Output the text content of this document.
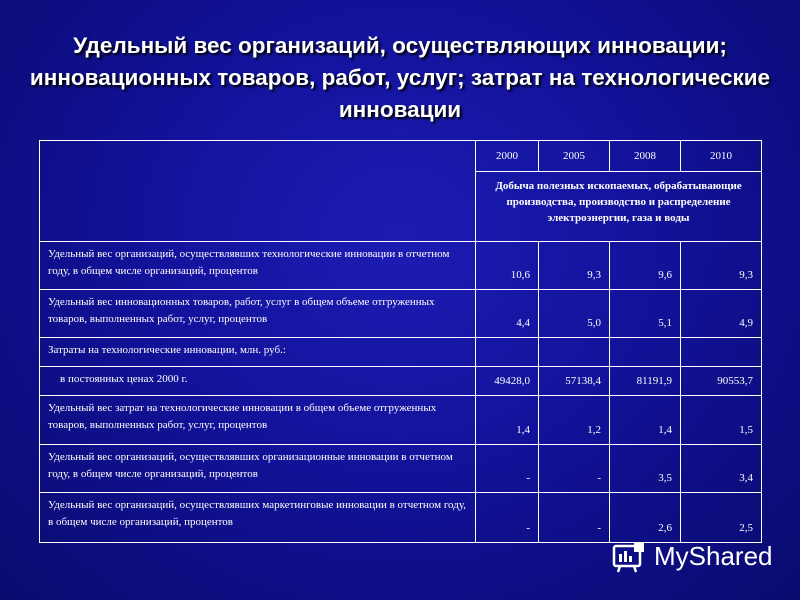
Удельный вес организаций, осуществляющих инновации; инновационных товаров, работ, услуг; затрат на технологические инновации
	2000	2005	2008	2010
	Добыча полезных ископаемых, обрабатывающие производства, производство и распределение электроэнергии, газа и воды			
Удельный вес организаций, осуществлявших технологические инновации в отчетном году, в общем числе организаций, процентов	10,6	9,3	9,6	9,3
Удельный вес инновационных товаров, работ, услуг в общем объеме отгруженных товаров, выполненных работ, услуг, процентов	4,4	5,0	5,1	4,9
Затраты на технологические инновации, млн. руб.:				
в постоянных ценах 2000 г.	49428,0	57138,4	81191,9	90553,7
Удельный вес затрат на технологические инновации в общем объеме отгруженных товаров, выполненных работ, услуг, процентов	1,4	1,2	1,4	1,5
Удельный вес организаций, осуществлявших организационные инновации в отчетном году, в общем числе организаций, процентов	-	-	3,5	3,4
Удельный вес организаций, осуществлявших маркетинговые инновации в отчетном году, в общем числе организаций, процентов	-	-	2,6	2,5
MyShared
